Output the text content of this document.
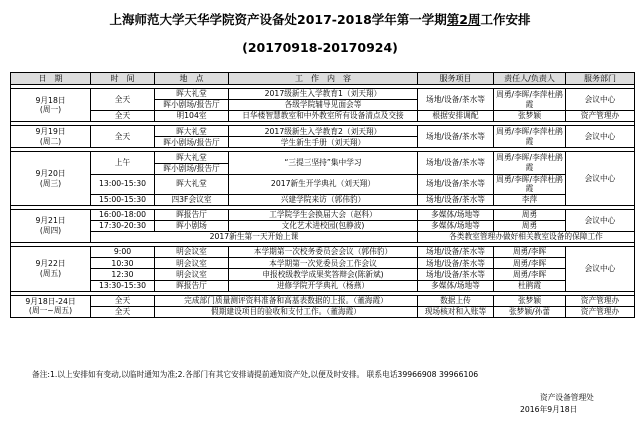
上海师范大学天华学院资产设备处2017-2018学年第一学期第2周工作安排
(20170918-20170924)
日　期	时　间	地　点	工　作　内　容	服务项目	责任人/负责人	服务部门

9月18日
(周一)	全天	晖大礼堂	2017级新生入学教育1（刘天翔）	场地/设备/茶水等	周勇/李晖/李萍杜鹃霞	会议中心
		晖小剧场/报告厅	各级学院辅导见面会等			
	全天	明104室	日华楼智慧教室和中外教室所有设备清点及交接	根据安排调配	张梦颖	资产管理办

9月19日
(周二)	全天	晖大礼堂	2017级新生入学教育2（刘天翔）	场地/设备/茶水等	周勇/李晖/李萍杜鹃霞	会议中心
		晖小剧场/报告厅	学生新生手册（刘天翔）			

9月20日
(周三)	上午	晖大礼堂	“三提三坚持”集中学习	场地/设备/茶水等	周勇/李晖/李萍杜鹃霞	会议中心
		晖小剧场/报告厅				
	13:00-15:30	晖大礼堂	2017新生开学典礼（刘天翔）	场地/设备/茶水等	周勇/李晖/李萍杜鹃霞	

	15:00-15:30	四3F会议室	兴建学院来访（郭伟豹）	场地/设备/茶水等	李萍	

9月21日
(周四)	16:00-18:00	晖报告厅	工学院学生会换届大会（赵科）	多媒体/场地等	周勇	会议中心
	17:30-20:30	晖小剧场	文化艺术进校园(包静波)	多媒体/场地等	周勇	
	2017新生第一天开始上课			各类教室管理办做好相关教室设备的保障工作		

9月22日
(周五)	9:00	明会议室	本学期第一次校务委员会会议（郭伟豹）	场地/设备/茶水等	周勇/李晖	会议中心
	10:30	明会议室	本学期第一次党委员会工作会议	场地/设备/茶水等	周勇/李晖	
	12:30	明会议室	申报校级教学成果奖答辩会(陈新斌)	场地/设备/茶水等	周勇/李晖	
	13:30-15:30	晖报告厅	进修学院开学典礼（杨燕）	多媒体/场地等	杜鹃霞	

9月18日-24日
(周一~周五)	全天	完成部门质量测评资料准备和高基表数据的上报。（董海霞）		数据上传	张梦颖	资产管理办
	全天	假期建设项目的验收和支付工作。（董海霞）		现场核对和入账等	张梦颖/孙蕾	资产管理办
备注:1.以上安排如有变动,以临时通知为准;2.各部门有其它安排请提前通知资产处,以便及时安排。 联系电话39966908 39966106
资产设备管理处
2016年9月18日
